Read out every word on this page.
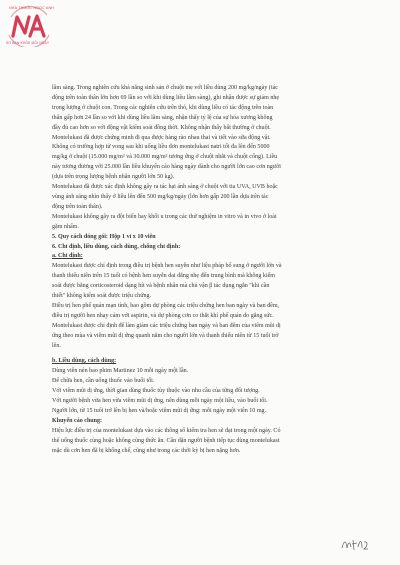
NHÀ THUỐC NGỌC ANH
SỐ BẠN KHỎE MỖI NGÀY

lâm sàng. Trong nghiên cứu khả năng sinh sản ở chuột mẹ với liều dùng 200 mg/kg/ngày (tác

động trên toàn thân lớn hơn 69 lần so với khi dùng liều lâm sàng), ghi nhận được sự giảm nhẹ

trọng lượng ở chuột con. Trong các nghiên cứu trên thỏ, khi dùng liều có tác động trên toàn

thân gấp hơn 24 lần so với khi dùng liều lâm sàng, nhận thấy tỷ lệ của sự hóa xương không

đầy đủ cao hơn so với động vật kiểm soát đồng thời. Không nhận thấy bất thường ở chuột.

Montelukast đã được chứng minh đi qua được hàng rào nhau thai và tiết vào sữa động vật.

Không có trường hợp tử vong sau khi uống liều đơn montelukast natri tối đa lên đến 5000

mg/kg ở chuột (15.000 mg/m² và 30.000 mg/m² tương ứng ở chuột nhắt và chuột cống). Liều

này tương đương với 25.000 lần liều khuyến cáo hàng ngày dành cho người lớn cao cơn người

(dựa trên trọng lượng bệnh nhân người lớn 50 kg).

Montelukast đã được xác định không gây ra tác hại ánh sáng ở chuột với tia UVA, UVB hoặc

vùng ánh sáng nhìn thấy ở liều lên đến 500 mg/kg/ngày (lớn hơn gấp 200 lần dựa trên tác

động trên toàn thân).

Montelukast không gây ra đột biến hay khối u trong các thử nghiệm in vitro và in vivo ở loài

gặm nhấm.

5. Quy cách đóng gói: Hộp 1 vỉ x 10 viên

6. Chỉ định, liều dùng, cách dùng, chống chỉ định:

a. Chỉ định:

Montelukast được chỉ định trong điều trị bệnh hen suyễn như liệu pháp bổ sung ở người lớn và

thanh thiếu niên trên 15 tuổi có bệnh hen suyễn dai dẳng nhẹ đến trung bình mà không kiểm

soát được bằng corticosteroid dạng hít và bệnh nhân mà chủ vận β tác dụng ngắn "khi cần

thiết" không kiểm soát được triệu chứng.

Điều trị hen phế quản mạn tính, bao gồm dự phòng các triệu chứng hen ban ngày và ban đêm,

điều trị người hen nhạy cảm với aspirin, và dự phòng cơn co thắt khí phế quản do gắng sức.

Montelukast được chỉ định để làm giảm các triệu chứng ban ngày và ban đêm của viêm mũi dị

ứng theo mùa và viêm mũi dị ứng quanh năm cho người lớn và thanh thiếu niên từ 15 tuổi trở

lên.

b. Liều dùng, cách dùng:

Dùng viên nén bao phim Martinez 10 mỗi ngày một lần.

Để chữa hen, cần uống thuốc vào buổi tối.

Với viêm mũi dị ứng, thời gian dùng thuốc tùy thuộc vào nhu cầu của từng đối tượng.

Với người bệnh vừa hen vừa viêm mũi dị ứng, nên dùng mỗi ngày một liều, vào buổi tối.

Người lớn, từ 15 tuổi trở lên bị hen và/hoặc viêm mũi dị ứng: mỗi ngày một viên 10 mg.

Khuyến cáo chung:

Hiệu lực điều trị của montelukast dựa vào các thông số kiểm tra hen sẽ đạt trong một ngày. Có

thể uống thuốc cùng hoặc không cùng thức ăn. Cần dặn người bệnh tiếp tục dùng montelukast

mặc dù cơn hen đã bị khống chế, cũng như trong các thời kỳ bị hen nặng hơn.
